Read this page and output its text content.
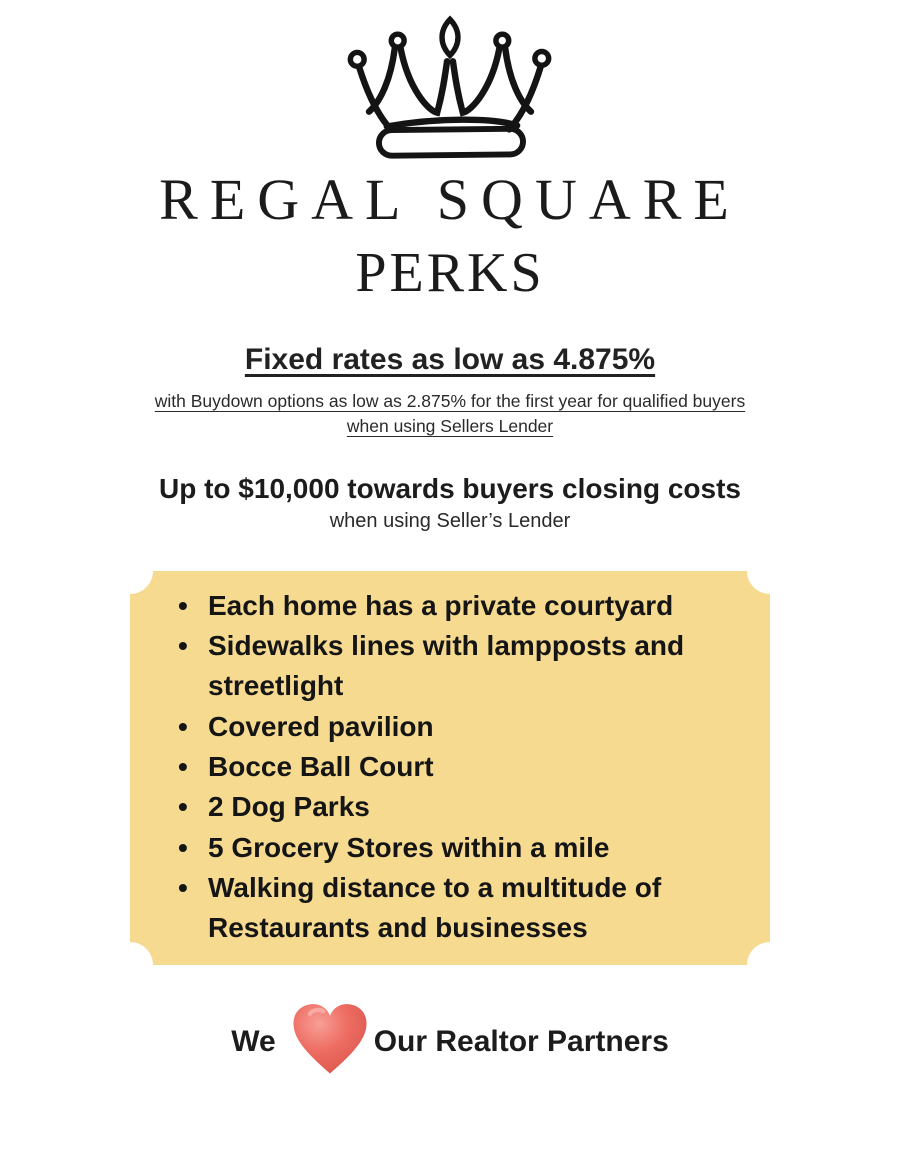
REGAL SQUARE
PERKS
Fixed rates as low as 4.875%

with Buydown options as low as 2.875% for the first year for qualified buyers
when using Sellers Lender

Up to $10,000 towards buyers closing costs

when using Seller’s Lender

• Each home has a private courtyard
• Sidewalks lines with lampposts and streetlight
• Covered pavilion
• Bocce Ball Court
• 2 Dog Parks
• 5 Grocery Stores within a mile
• Walking distance to a multitude of Restaurants and businesses
We	Our Realtor Partners
